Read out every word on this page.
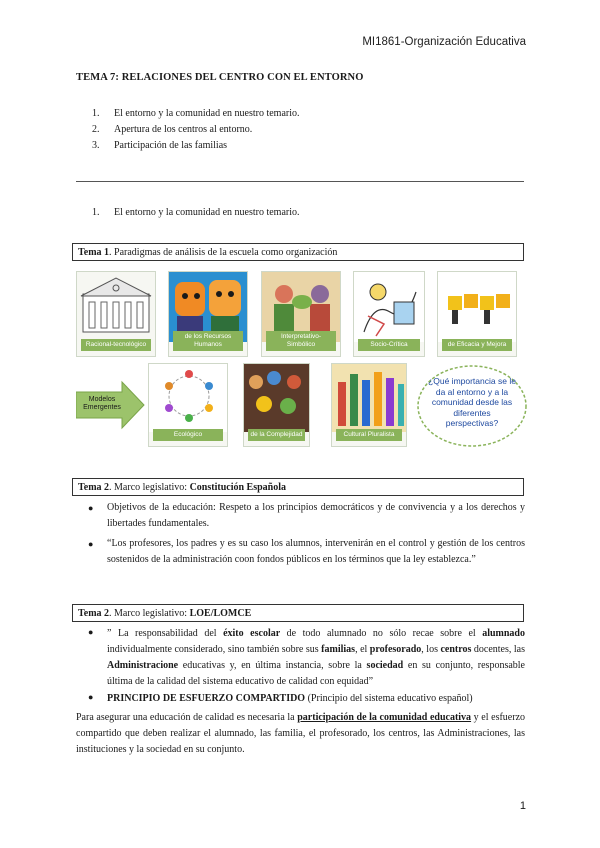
MI1861-Organización Educativa
TEMA 7: RELACIONES DEL CENTRO CON EL ENTORNO
1.	El entorno y la comunidad en nuestro temario.
2.	Apertura de los centros al entorno.
3.	Participación de las familias
1.	El entorno y la comunidad en nuestro temario.
Tema 1. Paradigmas de análisis de la escuela como organización
Racional-tecnológico
de los Recursos Humanos
Interpretativo-Simbólico	Socio-Crítica	de Eficacia y Mejora
Modelos Emergentes
Ecológico	de la Complejidad	Cultural Pluralista
¿Qué importancia se le da al entorno y a la comunidad desde las diferentes perspectivas?
Tema 2. Marco legislativo: Constitución Española
● Objetivos de la educación: Respeto a los principios democráticos y de convivencia y a los derechos y libertades fundamentales.
● “Los profesores, los padres y es su caso los alumnos, intervenirán en el control y gestión de los centros sostenidos de la administración coon fondos públicos en los términos que la ley establezca.”
Tema 2. Marco legislativo: LOE/LOMCE
● ” La responsabilidad del éxito escolar de todo alumnado no sólo recae sobre el alumnado individualmente considerado, sino también sobre sus familias, el profesorado, los centros docentes, las Administracione educativas y, en última instancia, sobre la sociedad en su conjunto, responsable última de la calidad del sistema educativo de calidad con equidad”
● PRINCIPIO DE ESFUERZO COMPARTIDO (Principio del sistema educativo español)
Para asegurar una educación de calidad es necesaria la participación de la comunidad educativa y el esfuerzo compartido que deben realizar el alumnado, las familia, el profesorado, los centros, las Administraciones, las instituciones y la sociedad en su conjunto.
1
